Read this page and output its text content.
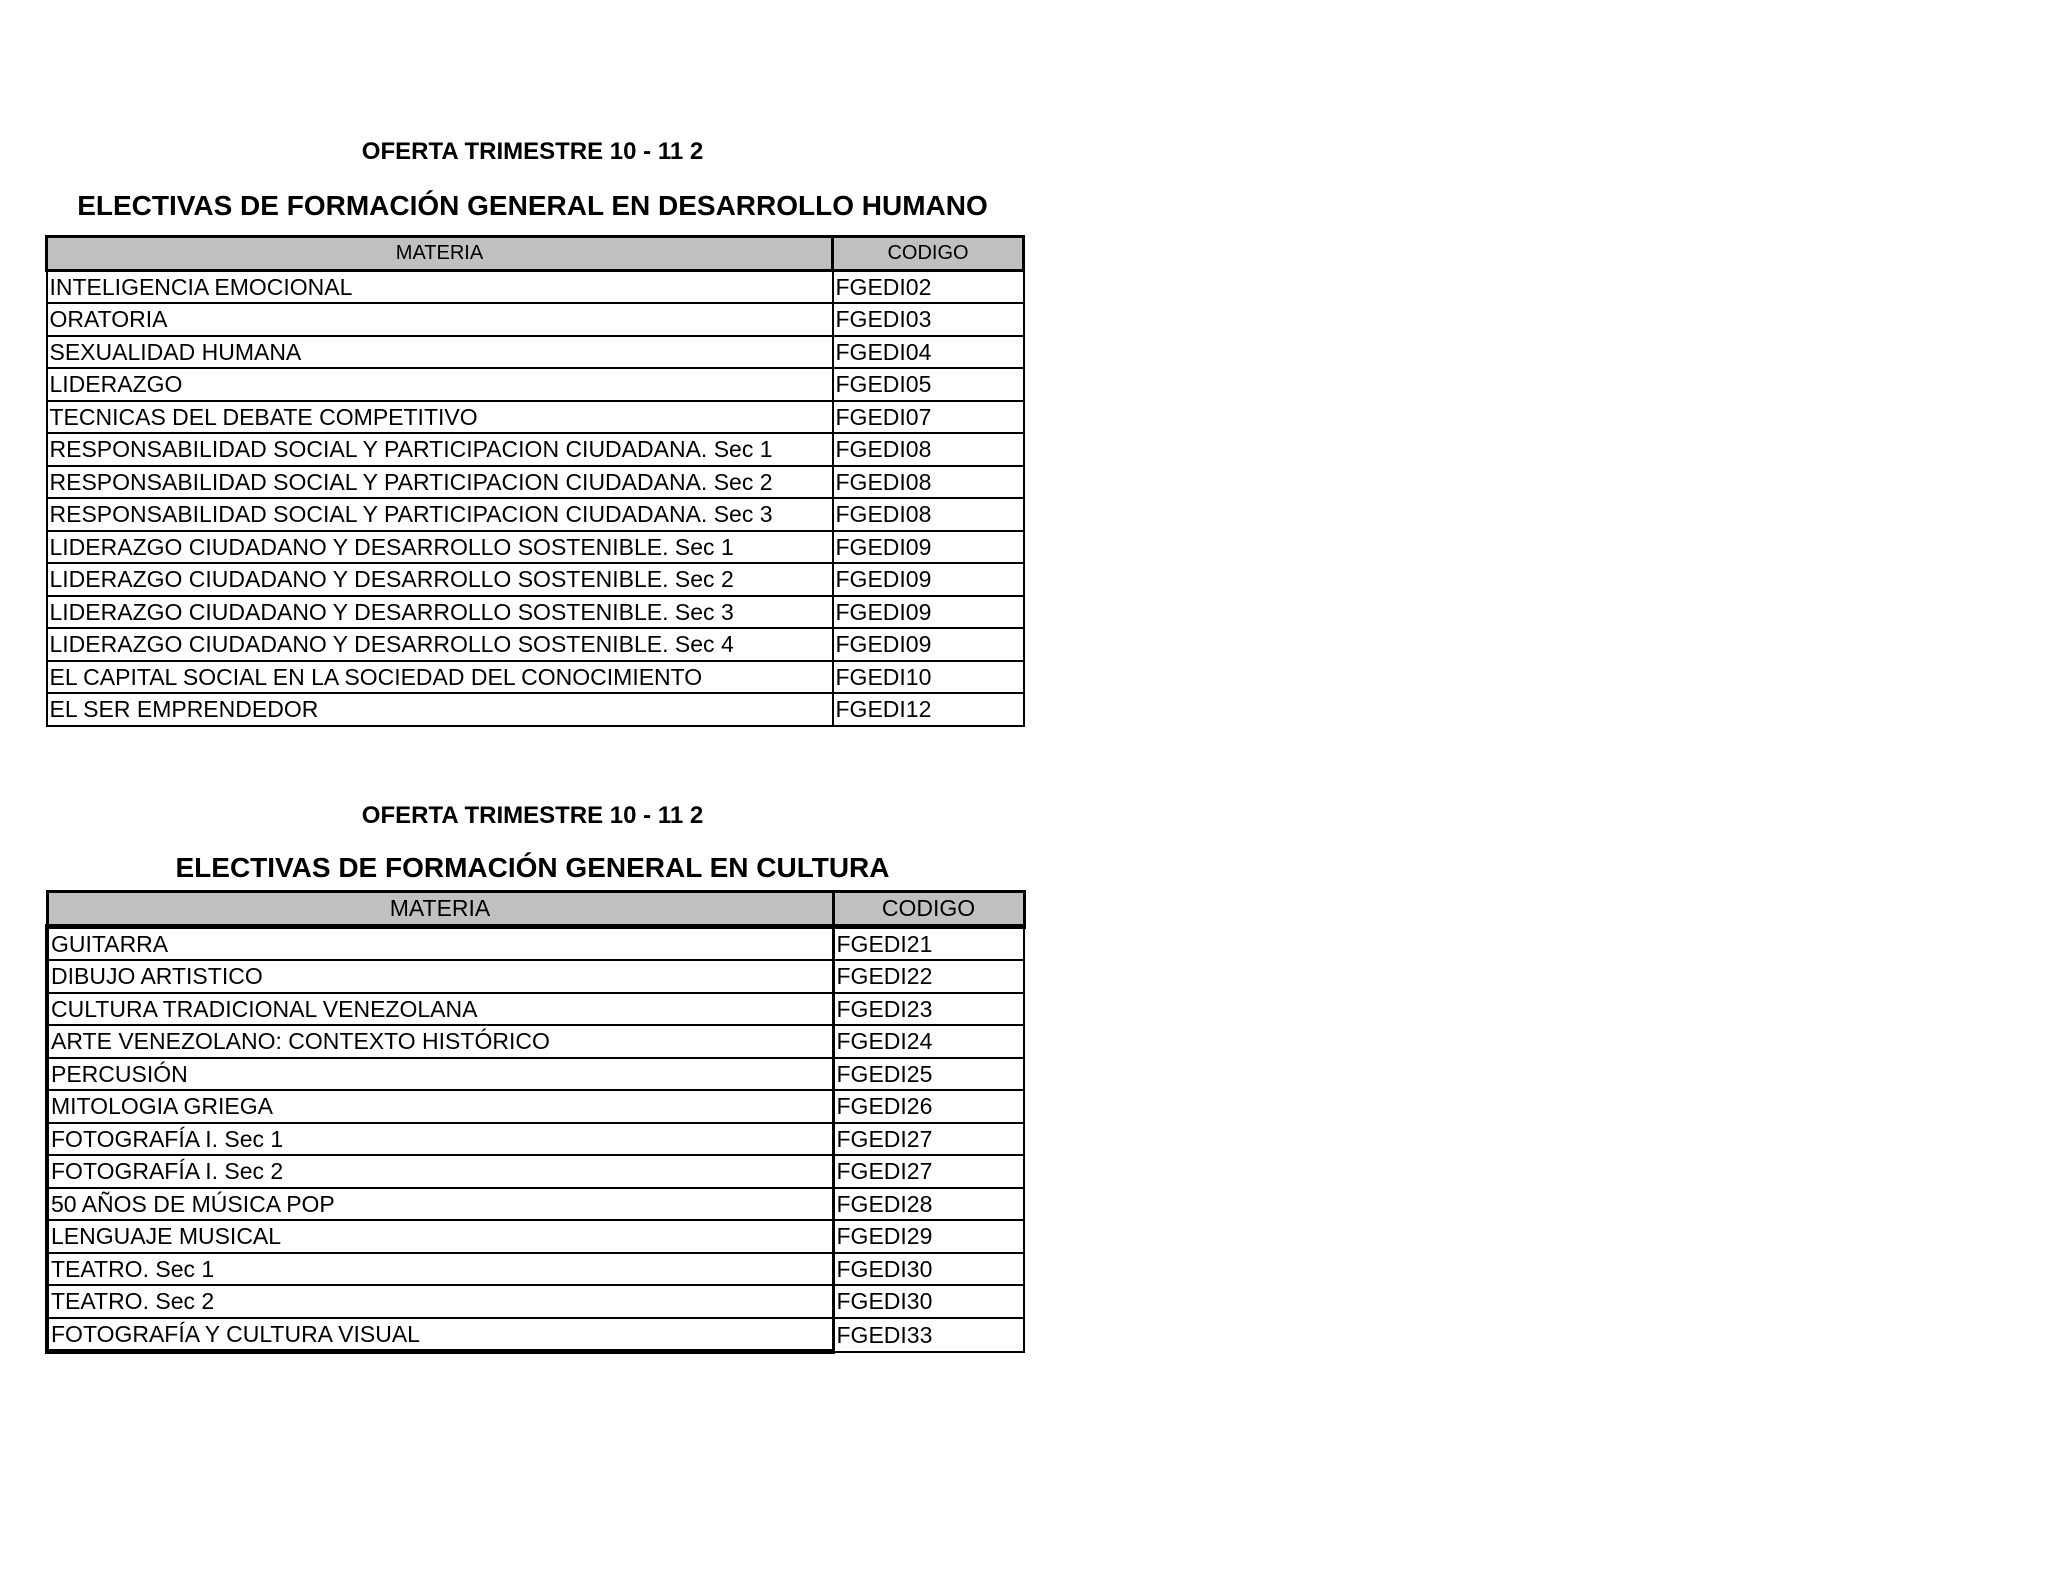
OFERTA TRIMESTRE 10 - 11 2
ELECTIVAS DE FORMACIÓN GENERAL EN DESARROLLO HUMANO
MATERIA	CODIGO
INTELIGENCIA EMOCIONAL	FGEDI02
ORATORIA	FGEDI03
SEXUALIDAD HUMANA	FGEDI04
LIDERAZGO	FGEDI05
TECNICAS DEL DEBATE COMPETITIVO	FGEDI07
RESPONSABILIDAD SOCIAL Y PARTICIPACION CIUDADANA. Sec 1	FGEDI08
RESPONSABILIDAD SOCIAL Y PARTICIPACION CIUDADANA. Sec 2	FGEDI08
RESPONSABILIDAD SOCIAL Y PARTICIPACION CIUDADANA. Sec 3	FGEDI08
LIDERAZGO CIUDADANO Y DESARROLLO SOSTENIBLE. Sec 1	FGEDI09
LIDERAZGO CIUDADANO Y DESARROLLO SOSTENIBLE. Sec 2	FGEDI09
LIDERAZGO CIUDADANO Y DESARROLLO SOSTENIBLE. Sec 3	FGEDI09
LIDERAZGO CIUDADANO Y DESARROLLO SOSTENIBLE. Sec 4	FGEDI09
EL CAPITAL SOCIAL EN LA SOCIEDAD DEL CONOCIMIENTO	FGEDI10
EL SER EMPRENDEDOR	FGEDI12
OFERTA TRIMESTRE 10 - 11 2
ELECTIVAS DE FORMACIÓN GENERAL EN CULTURA
MATERIA	CODIGO
GUITARRA	FGEDI21
DIBUJO ARTISTICO	FGEDI22
CULTURA TRADICIONAL VENEZOLANA	FGEDI23
ARTE VENEZOLANO: CONTEXTO HISTÓRICO	FGEDI24
PERCUSIÓN	FGEDI25
MITOLOGIA GRIEGA	FGEDI26
FOTOGRAFÍA I. Sec 1	FGEDI27
FOTOGRAFÍA I. Sec 2	FGEDI27
50 AÑOS DE MÚSICA POP	FGEDI28
LENGUAJE MUSICAL	FGEDI29
TEATRO. Sec 1	FGEDI30
TEATRO. Sec 2	FGEDI30
FOTOGRAFÍA Y CULTURA VISUAL	FGEDI33
